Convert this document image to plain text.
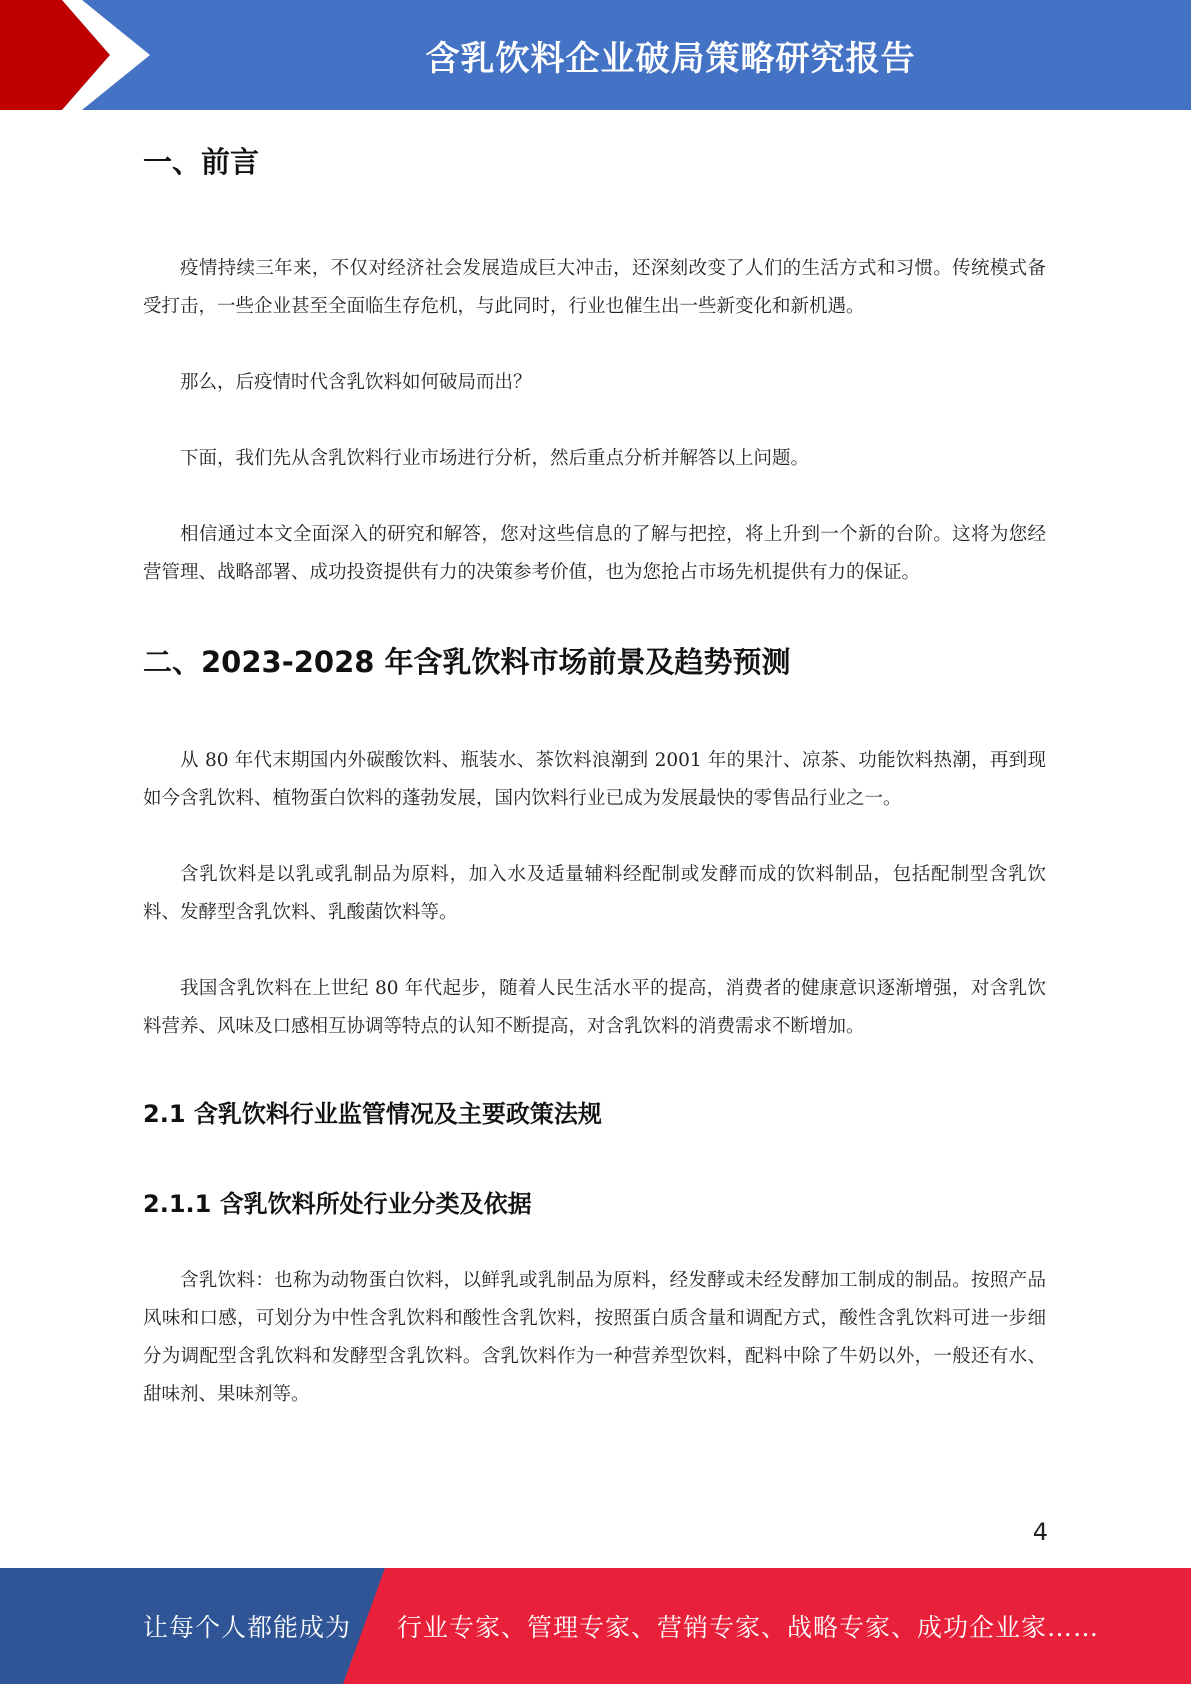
含乳饮料企业破局策略研究报告
一、前言

疫情持续三年来，不仅对经济社会发展造成巨大冲击，还深刻改变了人们的生活方式和习惯。传统模式备受打击，一些企业甚至全面临生存危机，与此同时，行业也催生出一些新变化和新机遇。

那么，后疫情时代含乳饮料如何破局而出？

下面，我们先从含乳饮料行业市场进行分析，然后重点分析并解答以上问题。

相信通过本文全面深入的研究和解答，您对这些信息的了解与把控，将上升到一个新的台阶。这将为您经营管理、战略部署、成功投资提供有力的决策参考价值，也为您抢占市场先机提供有力的保证。

二、2023-2028 年含乳饮料市场前景及趋势预测

从 80 年代末期国内外碳酸饮料、瓶装水、茶饮料浪潮到 2001 年的果汁、凉茶、功能饮料热潮，再到现如今含乳饮料、植物蛋白饮料的蓬勃发展，国内饮料行业已成为发展最快的零售品行业之一。

含乳饮料是以乳或乳制品为原料，加入水及适量辅料经配制或发酵而成的饮料制品，包括配制型含乳饮料、发酵型含乳饮料、乳酸菌饮料等。

我国含乳饮料在上世纪 80 年代起步，随着人民生活水平的提高，消费者的健康意识逐渐增强，对含乳饮料营养、风味及口感相互协调等特点的认知不断提高，对含乳饮料的消费需求不断增加。

2.1 含乳饮料行业监管情况及主要政策法规
2.1.1 含乳饮料所处行业分类及依据

含乳饮料：也称为动物蛋白饮料，以鲜乳或乳制品为原料，经发酵或未经发酵加工制成的制品。按照产品风味和口感，可划分为中性含乳饮料和酸性含乳饮料，按照蛋白质含量和调配方式，酸性含乳饮料可进一步细分为调配型含乳饮料和发酵型含乳饮料。含乳饮料作为一种营养型饮料，配料中除了牛奶以外，一般还有水、甜味剂、果味剂等。

4
让每个人都能成为 行业专家、管理专家、营销专家、战略专家、成功企业家……
